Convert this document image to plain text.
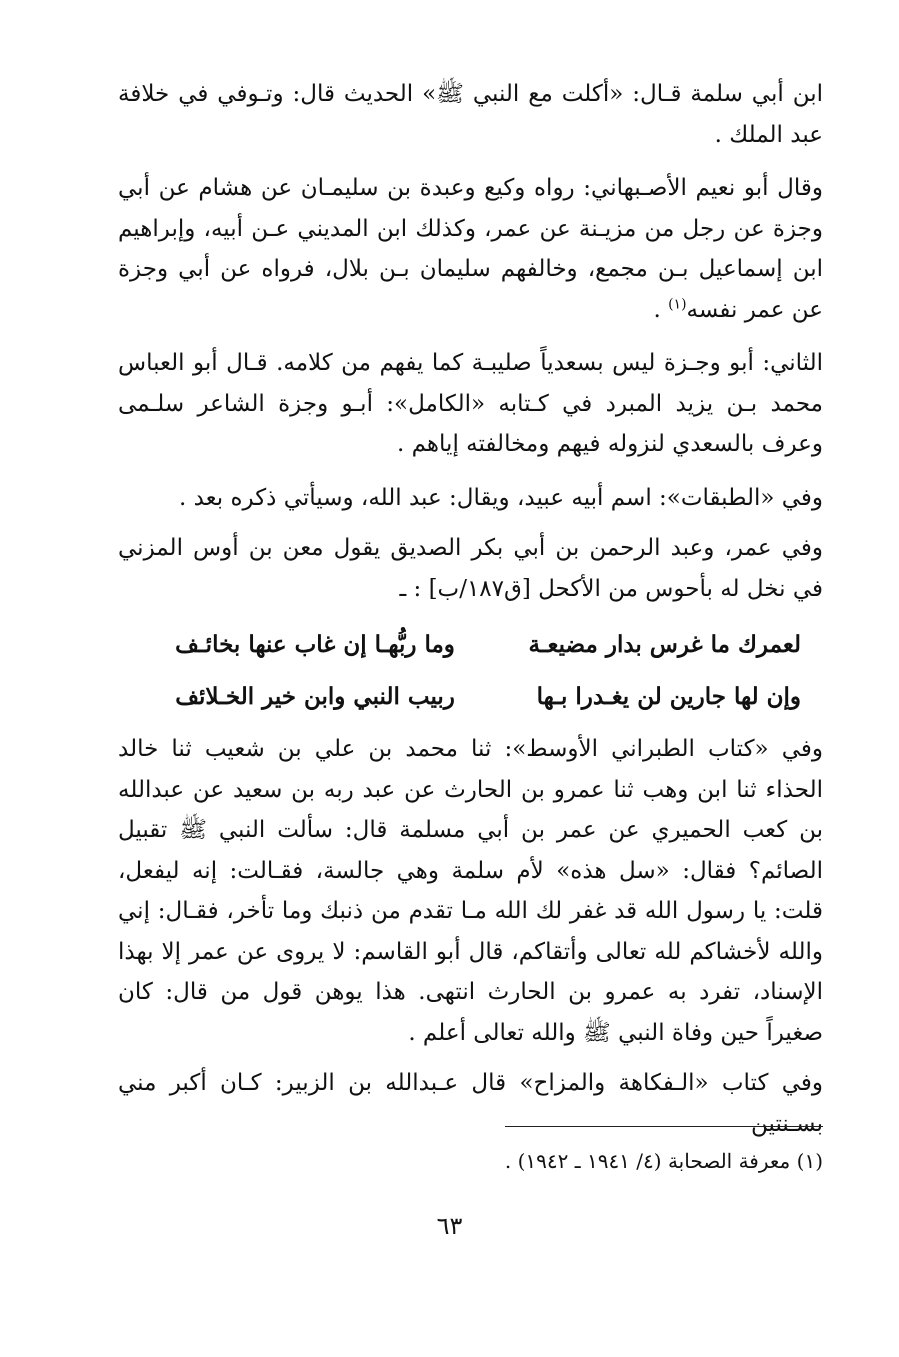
ابن أبي سلمة قـال: «أكلت مع النبي ﷺ» الحديث قال: وتـوفي في خلافة عبد الملك .

وقال أبو نعيم الأصـبهاني: رواه وكيع وعبدة بن سليمـان عن هشام عن أبي وجزة عن رجل من مزيـنة عن عمر، وكذلك ابن المديني عـن أبيه، وإبراهيم ابن إسماعيل بـن مجمع، وخالفهم سليمان بـن بلال، فرواه عن أبي وجزة عن عمر نفسه$^{(١)}$ .

الثاني: أبو وجـزة ليس بسعدياً صليبـة كما يفهم من كلامه. قـال أبو العباس محمد بـن يزيد المبرد في كـتابه «الكامل»: أبـو وجزة الشاعر سلـمى وعرف بالسعدي لنزوله فيهم ومخالفته إياهم .

وفي «الطبقات»: اسم أبيه عبيد، ويقال: عبد الله، وسيأتي ذكره بعد .

وفي عمر، وعبد الرحمن بن أبي بكر الصديق يقول معن بن أوس المزني في نخل له بأحوس من الأكحل [ق١٨٧/ب] : ـ

لعمرك ما غرس بدار مضيعـة
وما ربُّهـا إن غاب عنها بخائـف
وإن لها جارين لن يغـدرا بـها
ربيب النبي وابن خير الخـلائف

وفي «كتاب الطبراني الأوسط»: ثنا محمد بن علي بن شعيب ثنا خالد الحذاء ثنا ابن وهب ثنا عمرو بن الحارث عن عبد ربه بن سعيد عن عبدالله بن كعب الحميري عن عمر بن أبي مسلمة قال: سألت النبي ﷺ تقبيل الصائم؟ فقال: «سل هذه» لأم سلمة وهي جالسة، فقـالت: إنه ليفعل، قلت: يا رسول الله قد غفر لك الله مـا تقدم من ذنبك وما تأخر، فقـال: إني والله لأخشاكم لله تعالى وأتقاكم، قال أبو القاسم: لا يروى عن عمر إلا بهذا الإسناد، تفرد به عمرو بن الحارث انتهى. هذا يوهن قول من قال: كان صغيراً حين وفاة النبي ﷺ والله تعالى أعلم .

وفي كتاب «الـفكاهة والمزاح» قال عـبدالله بن الزبير: كـان أكبر مني بسـنتين

(١) معرفة الصحابة (٤/ ١٩٤١ ـ ١٩٤٢) .
٦٣
